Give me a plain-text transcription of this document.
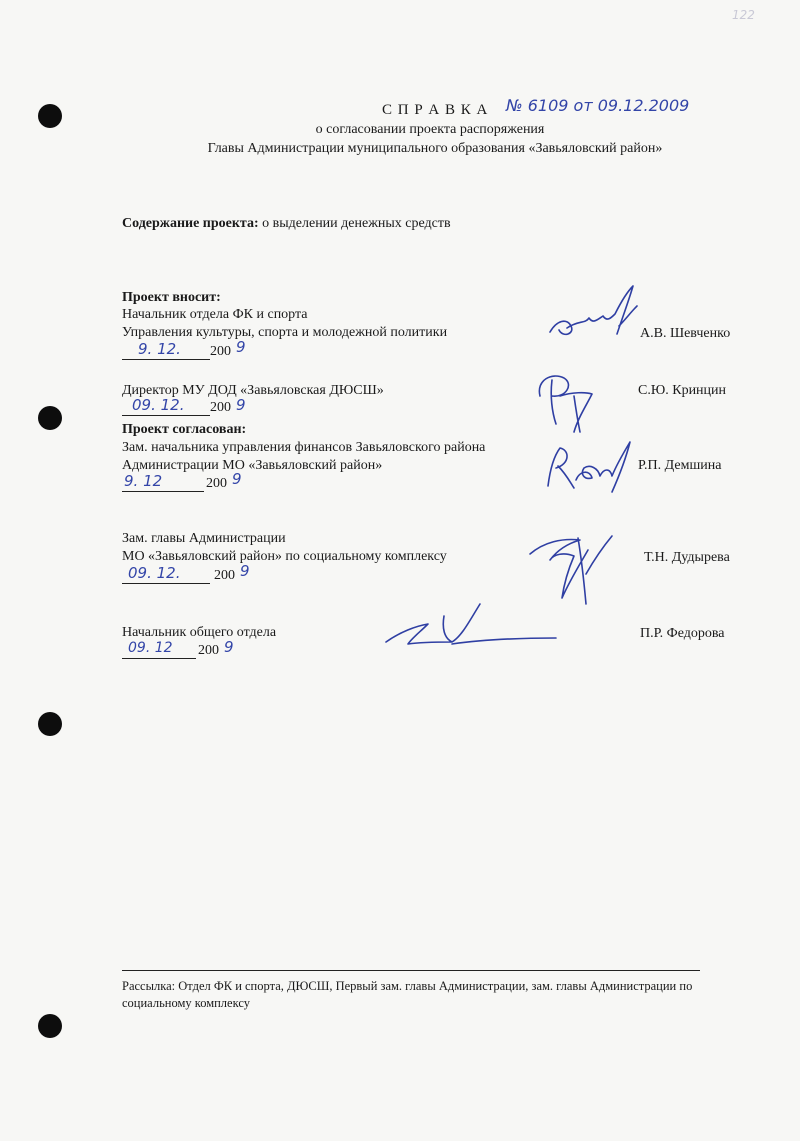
122
С П Р А В К А № 6109 от 09.12.2009
о согласовании проекта распоряжения
Главы Администрации муниципального образования «Завьяловский район»
Содержание проекта: о выделении денежных средств
Проект вносит:
Начальник отдела ФК и спорта
Управления культуры, спорта и молодежной политики	А.В. Шевченко
9. 12. 200 9
Директор МУ ДОД «Завьяловская ДЮСШ»	С.Ю. Кринцин
09. 12. 200 9
Проект согласован:
Зам. начальника управления финансов Завьяловского района
Администрации МО «Завьяловский район»	Р.П. Демшина
9. 12	200 9
Зам. главы Администрации
МО «Завьяловский район» по социальному комплексу	Т.Н. Дудырева
09. 12. 200 9
Начальник общего отдела	П.Р. Федорова
09. 12 200 9
Рассылка: Отдел ФК и спорта, ДЮСШ, Первый зам. главы Администрации, зам. главы Администрации по
социальному комплексу
